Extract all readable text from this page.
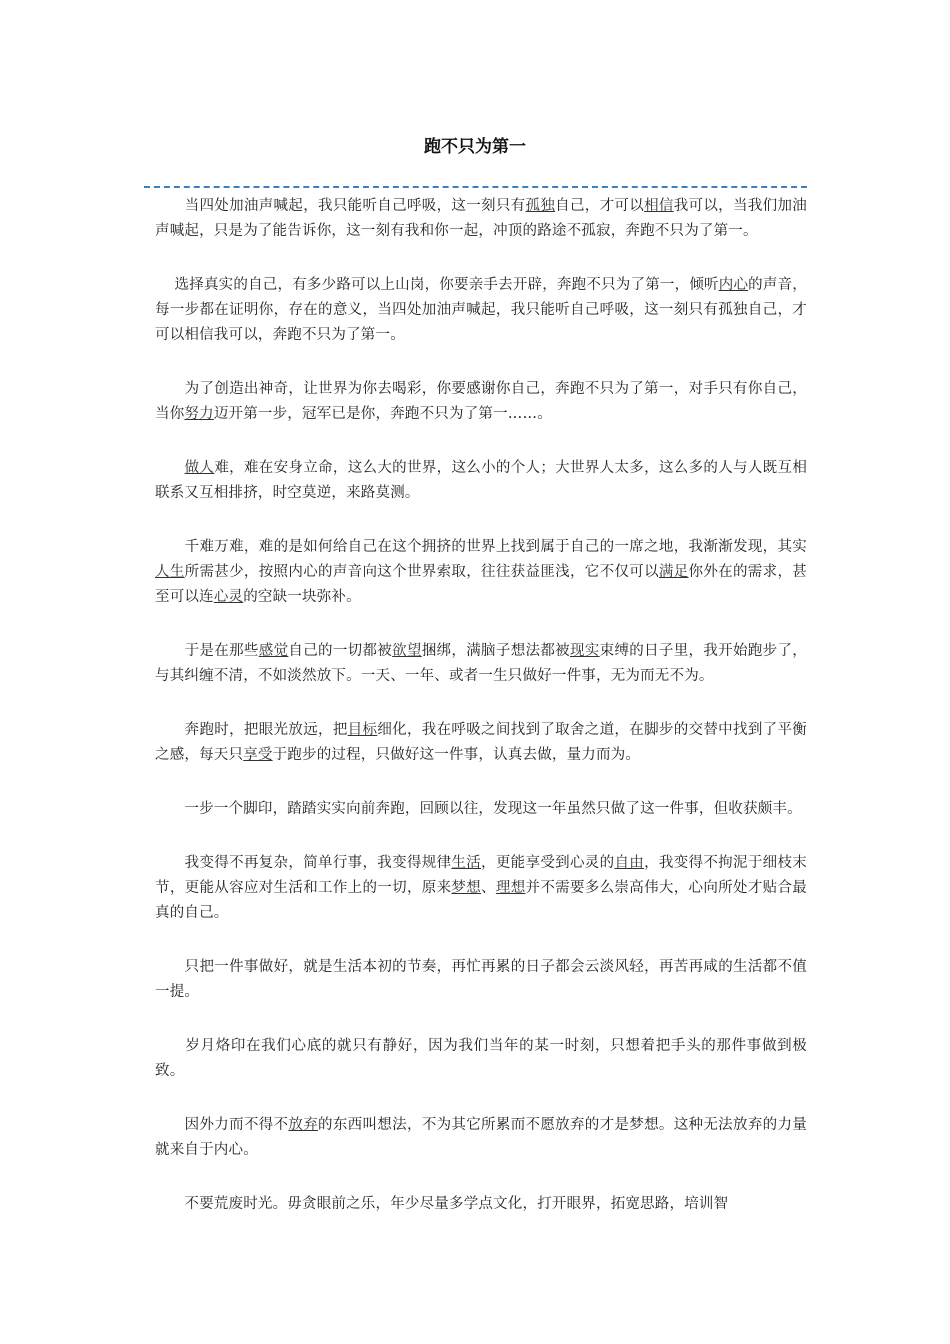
跑不只为第一

　　当四处加油声喊起，我只能听自己呼吸，这一刻只有孤独自己，才可以相信我可以，当我们加油声喊起，只是为了能告诉你，这一刻有我和你一起，冲顶的路途不孤寂，奔跑不只为了第一。

　 选择真实的自己，有多少路可以上山岗，你要亲手去开辟，奔跑不只为了第一，倾听内心的声音，每一步都在证明你，存在的意义，当四处加油声喊起，我只能听自己呼吸，这一刻只有孤独自己，才可以相信我可以，奔跑不只为了第一。

　　为了创造出神奇，让世界为你去喝彩，你要感谢你自己，奔跑不只为了第一，对手只有你自己，当你努力迈开第一步，冠军已是你，奔跑不只为了第一……。

　　做人难，难在安身立命，这么大的世界，这么小的个人；大世界人太多，这么多的人与人既互相联系又互相排挤，时空莫逆，来路莫测。

　　千难万难，难的是如何给自己在这个拥挤的世界上找到属于自己的一席之地，我渐渐发现，其实人生所需甚少，按照内心的声音向这个世界索取，往往获益匪浅，它不仅可以满足你外在的需求，甚至可以连心灵的空缺一块弥补。

　　于是在那些感觉自己的一切都被欲望捆绑，满脑子想法都被现实束缚的日子里，我开始跑步了，与其纠缠不清，不如淡然放下。一天、一年、或者一生只做好一件事，无为而无不为。

　　奔跑时，把眼光放远，把目标细化，我在呼吸之间找到了取舍之道，在脚步的交替中找到了平衡之感，每天只享受于跑步的过程，只做好这一件事，认真去做，量力而为。

　　一步一个脚印，踏踏实实向前奔跑，回顾以往，发现这一年虽然只做了这一件事，但收获颇丰。

　　我变得不再复杂，简单行事，我变得规律生活，更能享受到心灵的自由，我变得不拘泥于细枝末节，更能从容应对生活和工作上的一切，原来梦想、理想并不需要多么崇高伟大，心向所处才贴合最真的自己。

　　只把一件事做好，就是生活本初的节奏，再忙再累的日子都会云淡风轻，再苦再咸的生活都不值一提。

　　岁月烙印在我们心底的就只有静好，因为我们当年的某一时刻，只想着把手头的那件事做到极致。

　　因外力而不得不放弃的东西叫想法，不为其它所累而不愿放弃的才是梦想。这种无法放弃的力量就来自于内心。

　　不要荒废时光。毋贪眼前之乐，年少尽量多学点文化，打开眼界，拓宽思路，培训智
